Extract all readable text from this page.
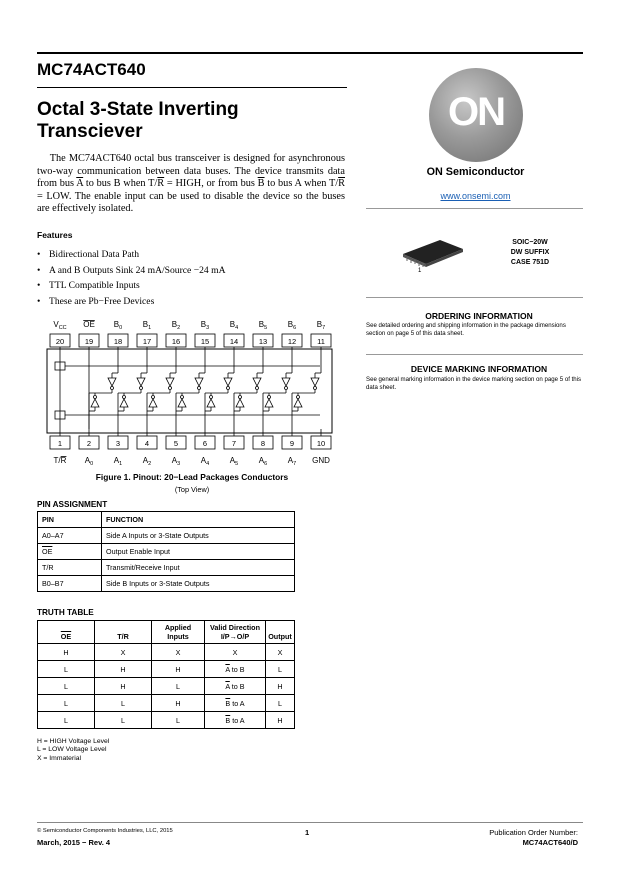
MC74ACT640
Octal 3-State Inverting
Transciever
The MC74ACT640 octal bus transceiver is designed for asynchronous two-way communication between data buses. The device transmits data from bus $\overline{A}$ to bus B when $T/\overline{R}$ = HIGH, or from bus $\overline{B}$ to bus A when $T/\overline{R}$ = LOW. The enable input can be used to disable the device so the buses are effectively isolated.
Features
• Bidirectional Data Path
• A and B Outputs Sink 24 mA/Source −24 mA
• TTL Compatible Inputs
• These are Pb−Free Devices
ON
ON Semiconductor
www.onsemi.com
1
SOIC−20W
DW SUFFIX
CASE 751D
ORDERING INFORMATION
See detailed ordering and shipping information in the package dimensions section on page 5 of this data sheet.
DEVICE MARKING INFORMATION
See general marking information in the device marking section on page 5 of this data sheet.
$V_{CC}$ OE $B_0$	$B_1$	$B_2$	$B_3$	$B_4$	$B_5$	$B_6$	$B_7$
T/R $A_0$	$A_1$	$A_2$	$A_3$	$A_4$	$A_5$	$A_6$	$A_7$ GND
20
1
19
2
18
3
17
4
16
5
15
6
14
7
13
8
12
9
11
10
Figure 1. Pinout: 20−Lead Packages Conductors
(Top View)
PIN ASSIGNMENT
PIN	FUNCTION
A0–A7	Side A Inputs or 3-State Outputs
$\overline{OE}$	Output Enable Input
T/R	Transmit/Receive Input
B0–B7	Side B Inputs or 3-State Outputs
TRUTH TABLE
$\overline{OE}$	T/R	Applied Inputs	Valid Direction I/P→O/P	Output
H	X	X	X	X
L	H	H	$\overline{A}$ to B	L
L	H	L	$\overline{A}$ to B	H
L	L	H	$\overline{B}$ to A	L
L	L	L	$\overline{B}$ to A	H
H = HIGH Voltage Level
L = LOW Voltage Level
X = Immaterial
© Semiconductor Components Industries, LLC, 2015
March, 2015 − Rev. 4
1	Publication Order Number:
MC74ACT640/D
